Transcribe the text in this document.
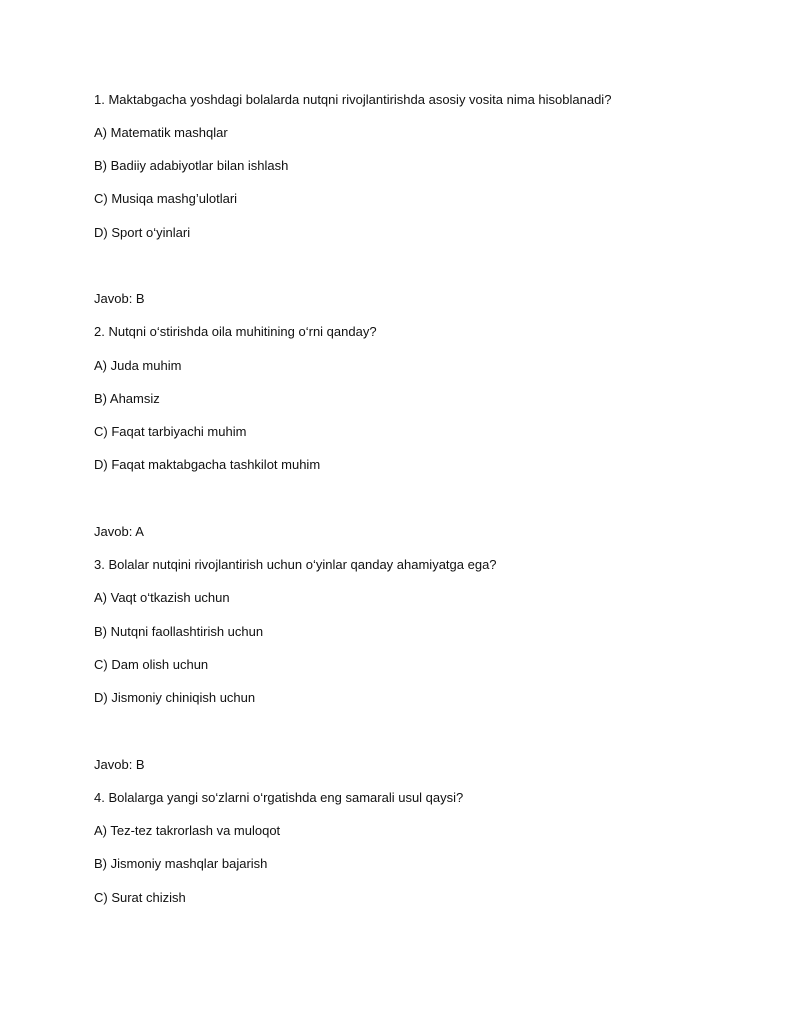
1. Maktabgacha yoshdagi bolalarda nutqni rivojlantirishda asosiy vosita nima hisoblanadi?
A) Matematik mashqlar
B) Badiiy adabiyotlar bilan ishlash
C) Musiqa mashg’ulotlari
D) Sport o‘yinlari
Javob: B
2. Nutqni o‘stirishda oila muhitining o‘rni qanday?
A) Juda muhim
B) Ahamsiz
C) Faqat tarbiyachi muhim
D) Faqat maktabgacha tashkilot muhim
Javob: A
3. Bolalar nutqini rivojlantirish uchun o‘yinlar qanday ahamiyatga ega?
A) Vaqt o‘tkazish uchun
B) Nutqni faollashtirish uchun
C) Dam olish uchun
D) Jismoniy chiniqish uchun
Javob: B
4. Bolalarga yangi so‘zlarni o‘rgatishda eng samarali usul qaysi?
A) Tez-tez takrorlash va muloqot
B) Jismoniy mashqlar bajarish
C) Surat chizish
